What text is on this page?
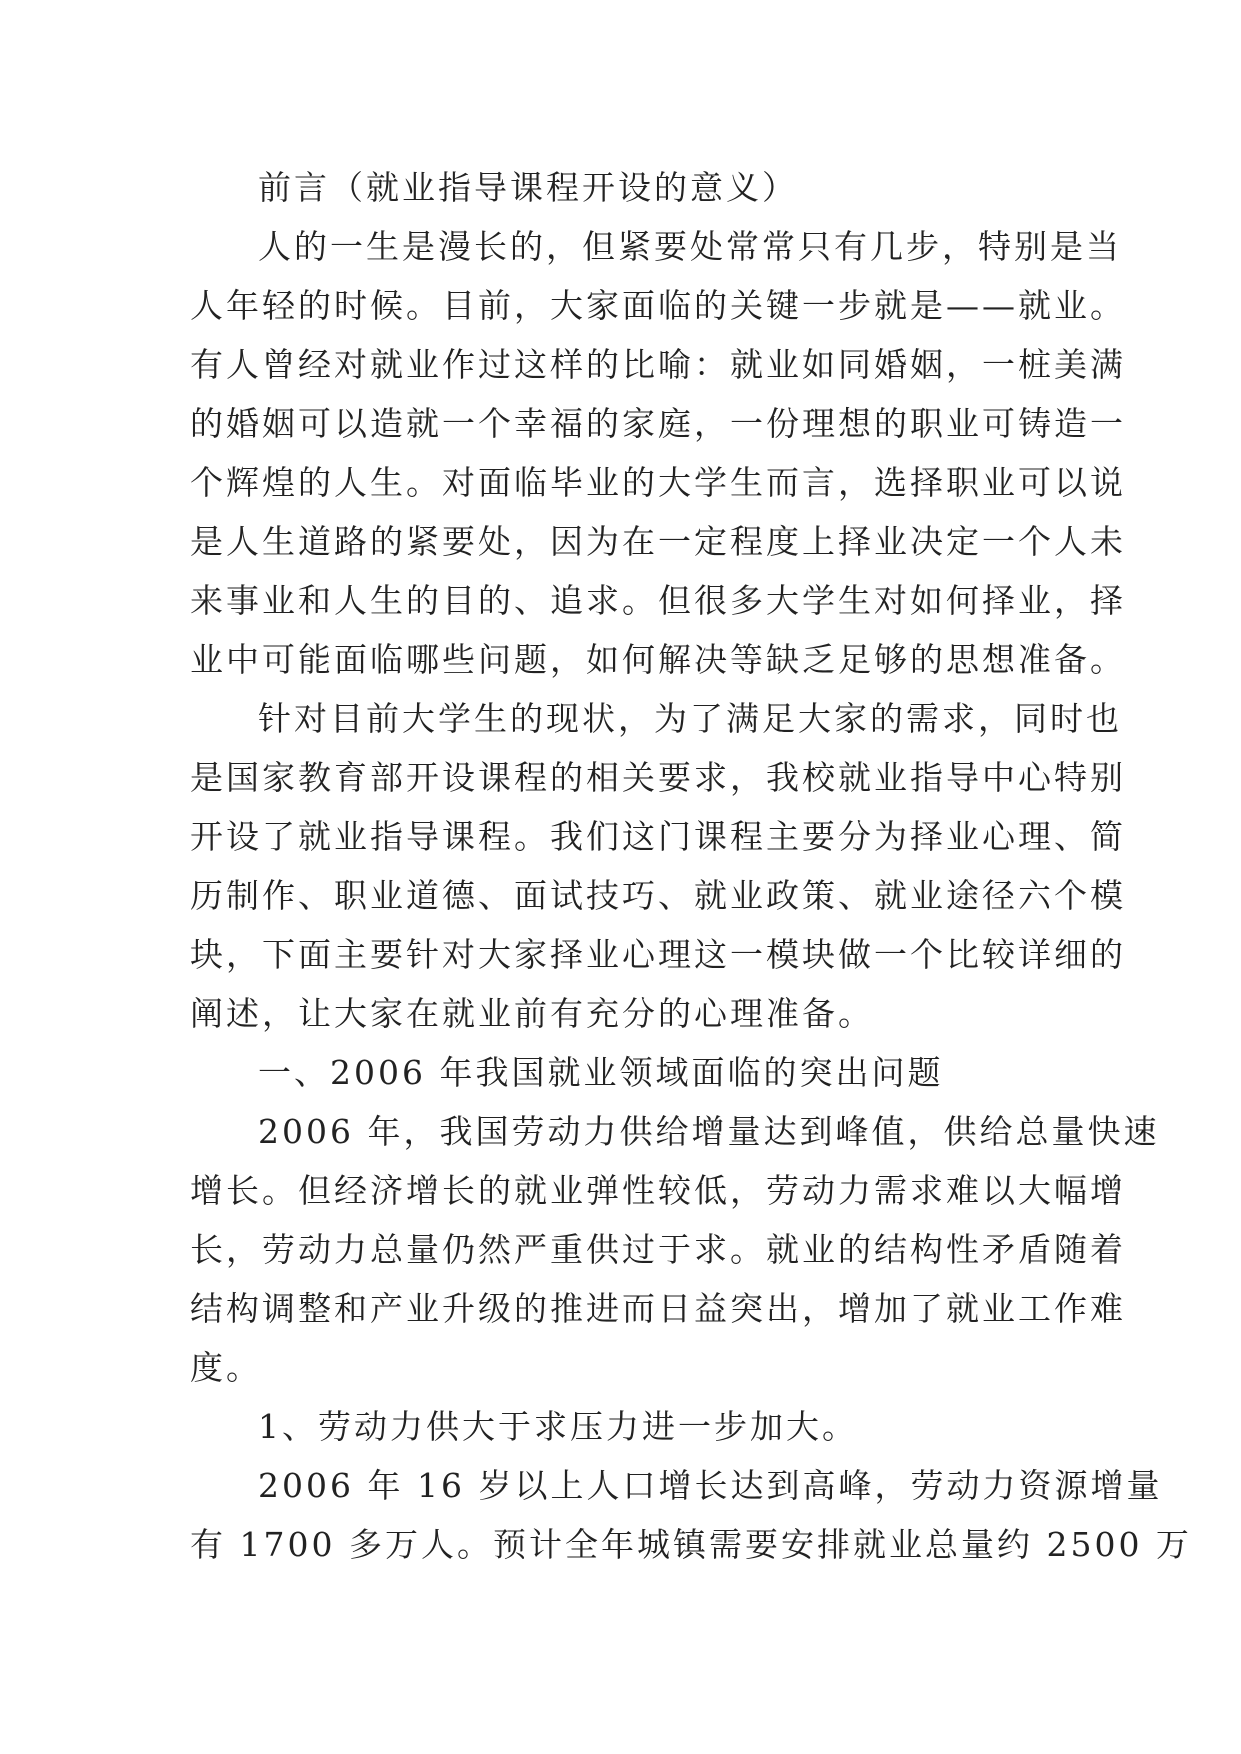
前言（就业指导课程开设的意义）

人的一生是漫长的，但紧要处常常只有几步，特别是当
人年轻的时候。目前，大家面临的关键一步就是——就业。
有人曾经对就业作过这样的比喻：就业如同婚姻，一桩美满
的婚姻可以造就一个幸福的家庭，一份理想的职业可铸造一
个辉煌的人生。对面临毕业的大学生而言，选择职业可以说
是人生道路的紧要处，因为在一定程度上择业决定一个人未
来事业和人生的目的、追求。但很多大学生对如何择业，择
业中可能面临哪些问题，如何解决等缺乏足够的思想准备。

针对目前大学生的现状，为了满足大家的需求，同时也
是国家教育部开设课程的相关要求，我校就业指导中心特别
开设了就业指导课程。我们这门课程主要分为择业心理、简
历制作、职业道德、面试技巧、就业政策、就业途径六个模
块，下面主要针对大家择业心理这一模块做一个比较详细的
阐述，让大家在就业前有充分的心理准备。

一、2006 年我国就业领域面临的突出问题

2006 年，我国劳动力供给增量达到峰值，供给总量快速
增长。但经济增长的就业弹性较低，劳动力需求难以大幅增
长，劳动力总量仍然严重供过于求。就业的结构性矛盾随着
结构调整和产业升级的推进而日益突出，增加了就业工作难
度。

1、劳动力供大于求压力进一步加大。

2006 年 16 岁以上人口增长达到高峰，劳动力资源增量
有 1700 多万人。预计全年城镇需要安排就业总量约 2500 万
